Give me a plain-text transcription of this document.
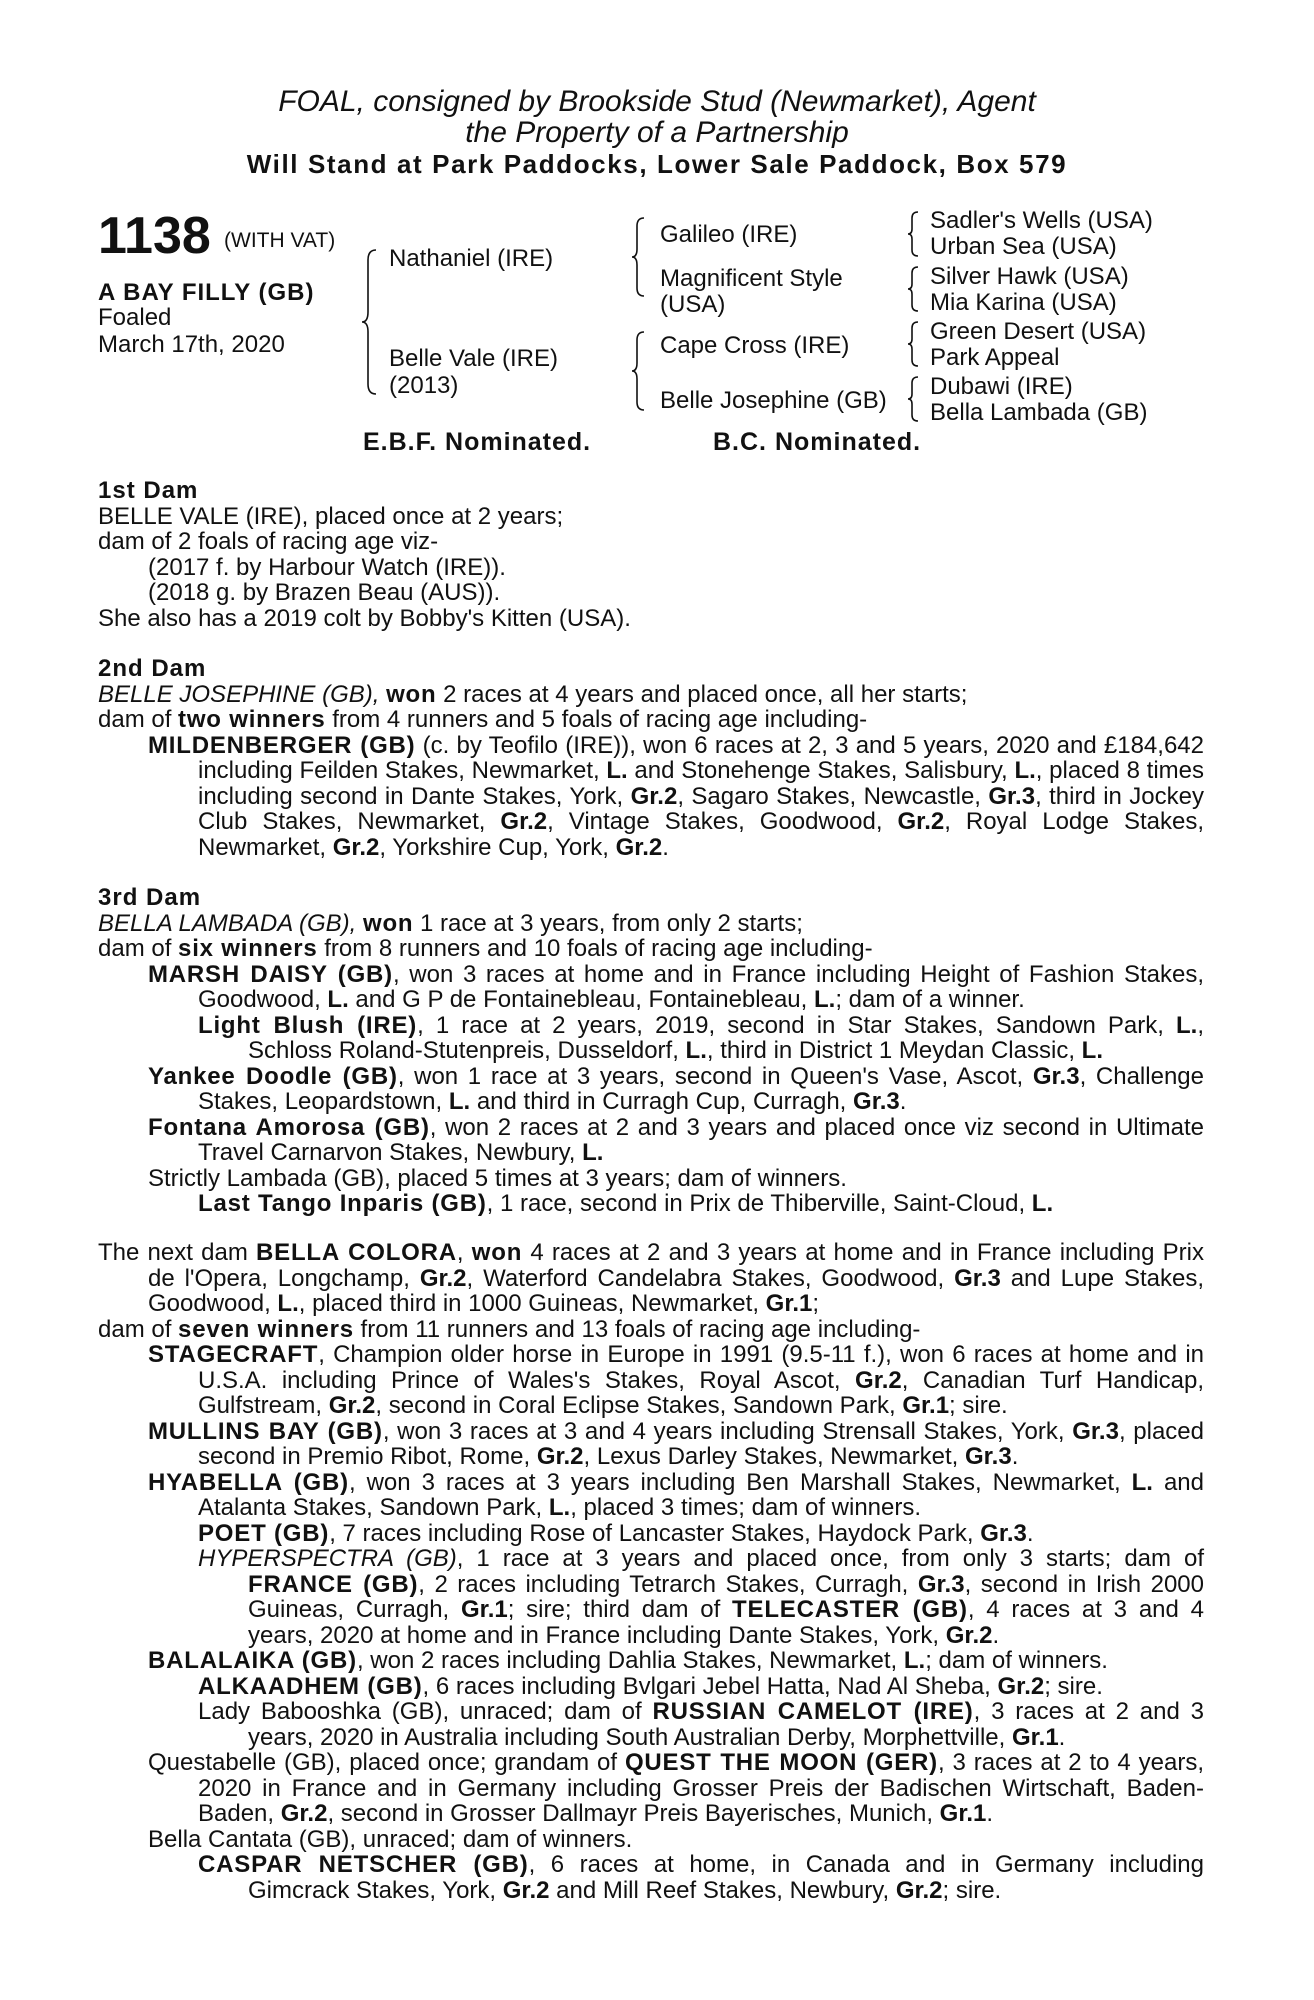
FOAL, consigned by Brookside Stud (Newmarket), Agent
the Property of a Partnership
Will Stand at Park Paddocks, Lower Sale Paddock, Box 579
1138 (WITH VAT)
A BAY FILLY (GB)
Foaled
March 17th, 2020
Nathaniel (IRE)
Belle Vale (IRE)
(2013)
Galileo (IRE)
Magnificent Style
(USA)
Cape Cross (IRE)
Belle Josephine (GB)
Sadler's Wells (USA)
Urban Sea (USA)
Silver Hawk (USA)
Mia Karina (USA)
Green Desert (USA)
Park Appeal
Dubawi (IRE)
Bella Lambada (GB)
E.B.F. Nominated.	B.C. Nominated.

1st Dam

BELLE VALE (IRE), placed once at 2 years;

dam of 2 foals of racing age viz-

(2017 f. by Harbour Watch (IRE)).

(2018 g. by Brazen Beau (AUS)).

She also has a 2019 colt by Bobby's Kitten (USA).

2nd Dam

BELLE JOSEPHINE (GB), won 2 races at 4 years and placed once, all her starts;

dam of two winners from 4 runners and 5 foals of racing age including-

MILDENBERGER (GB) (c. by Teofilo (IRE)), won 6 races at 2, 3 and 5 years, 2020 and £184,642 including Feilden Stakes, Newmarket, L. and Stonehenge Stakes, Salisbury, L., placed 8 times including second in Dante Stakes, York, Gr.2, Sagaro Stakes, Newcastle, Gr.3, third in Jockey Club Stakes, Newmarket, Gr.2, Vintage Stakes, Goodwood, Gr.2, Royal Lodge Stakes, Newmarket, Gr.2, Yorkshire Cup, York, Gr.2.

3rd Dam

BELLA LAMBADA (GB), won 1 race at 3 years, from only 2 starts;

dam of six winners from 8 runners and 10 foals of racing age including-

MARSH DAISY (GB), won 3 races at home and in France including Height of Fashion Stakes, Goodwood, L. and G P de Fontainebleau, Fontainebleau, L.; dam of a winner.

Light Blush (IRE), 1 race at 2 years, 2019, second in Star Stakes, Sandown Park, L., Schloss Roland-Stutenpreis, Dusseldorf, L., third in District 1 Meydan Classic, L.

Yankee Doodle (GB), won 1 race at 3 years, second in Queen's Vase, Ascot, Gr.3, Challenge Stakes, Leopardstown, L. and third in Curragh Cup, Curragh, Gr.3.

Fontana Amorosa (GB), won 2 races at 2 and 3 years and placed once viz second in Ultimate Travel Carnarvon Stakes, Newbury, L.

Strictly Lambada (GB), placed 5 times at 3 years; dam of winners.

Last Tango Inparis (GB), 1 race, second in Prix de Thiberville, Saint-Cloud, L.

The next dam BELLA COLORA, won 4 races at 2 and 3 years at home and in France including Prix de l'Opera, Longchamp, Gr.2, Waterford Candelabra Stakes, Goodwood, Gr.3 and Lupe Stakes, Goodwood, L., placed third in 1000 Guineas, Newmarket, Gr.1;

dam of seven winners from 11 runners and 13 foals of racing age including-

STAGECRAFT, Champion older horse in Europe in 1991 (9.5-11 f.), won 6 races at home and in U.S.A. including Prince of Wales's Stakes, Royal Ascot, Gr.2, Canadian Turf Handicap, Gulfstream, Gr.2, second in Coral Eclipse Stakes, Sandown Park, Gr.1; sire.

MULLINS BAY (GB), won 3 races at 3 and 4 years including Strensall Stakes, York, Gr.3, placed second in Premio Ribot, Rome, Gr.2, Lexus Darley Stakes, Newmarket, Gr.3.

HYABELLA (GB), won 3 races at 3 years including Ben Marshall Stakes, Newmarket, L. and Atalanta Stakes, Sandown Park, L., placed 3 times; dam of winners.

POET (GB), 7 races including Rose of Lancaster Stakes, Haydock Park, Gr.3.

HYPERSPECTRA (GB), 1 race at 3 years and placed once, from only 3 starts; dam of FRANCE (GB), 2 races including Tetrarch Stakes, Curragh, Gr.3, second in Irish 2000 Guineas, Curragh, Gr.1; sire; third dam of TELECASTER (GB), 4 races at 3 and 4 years, 2020 at home and in France including Dante Stakes, York, Gr.2.

BALALAIKA (GB), won 2 races including Dahlia Stakes, Newmarket, L.; dam of winners.

ALKAADHEM (GB), 6 races including Bvlgari Jebel Hatta, Nad Al Sheba, Gr.2; sire.

Lady Babooshka (GB), unraced; dam of RUSSIAN CAMELOT (IRE), 3 races at 2 and 3 years, 2020 in Australia including South Australian Derby, Morphettville, Gr.1.

Questabelle (GB), placed once; grandam of QUEST THE MOON (GER), 3 races at 2 to 4 years, 2020 in France and in Germany including Grosser Preis der Badischen Wirtschaft, Baden-Baden, Gr.2, second in Grosser Dallmayr Preis Bayerisches, Munich, Gr.1.

Bella Cantata (GB), unraced; dam of winners.

CASPAR NETSCHER (GB), 6 races at home, in Canada and in Germany including Gimcrack Stakes, York, Gr.2 and Mill Reef Stakes, Newbury, Gr.2; sire.
